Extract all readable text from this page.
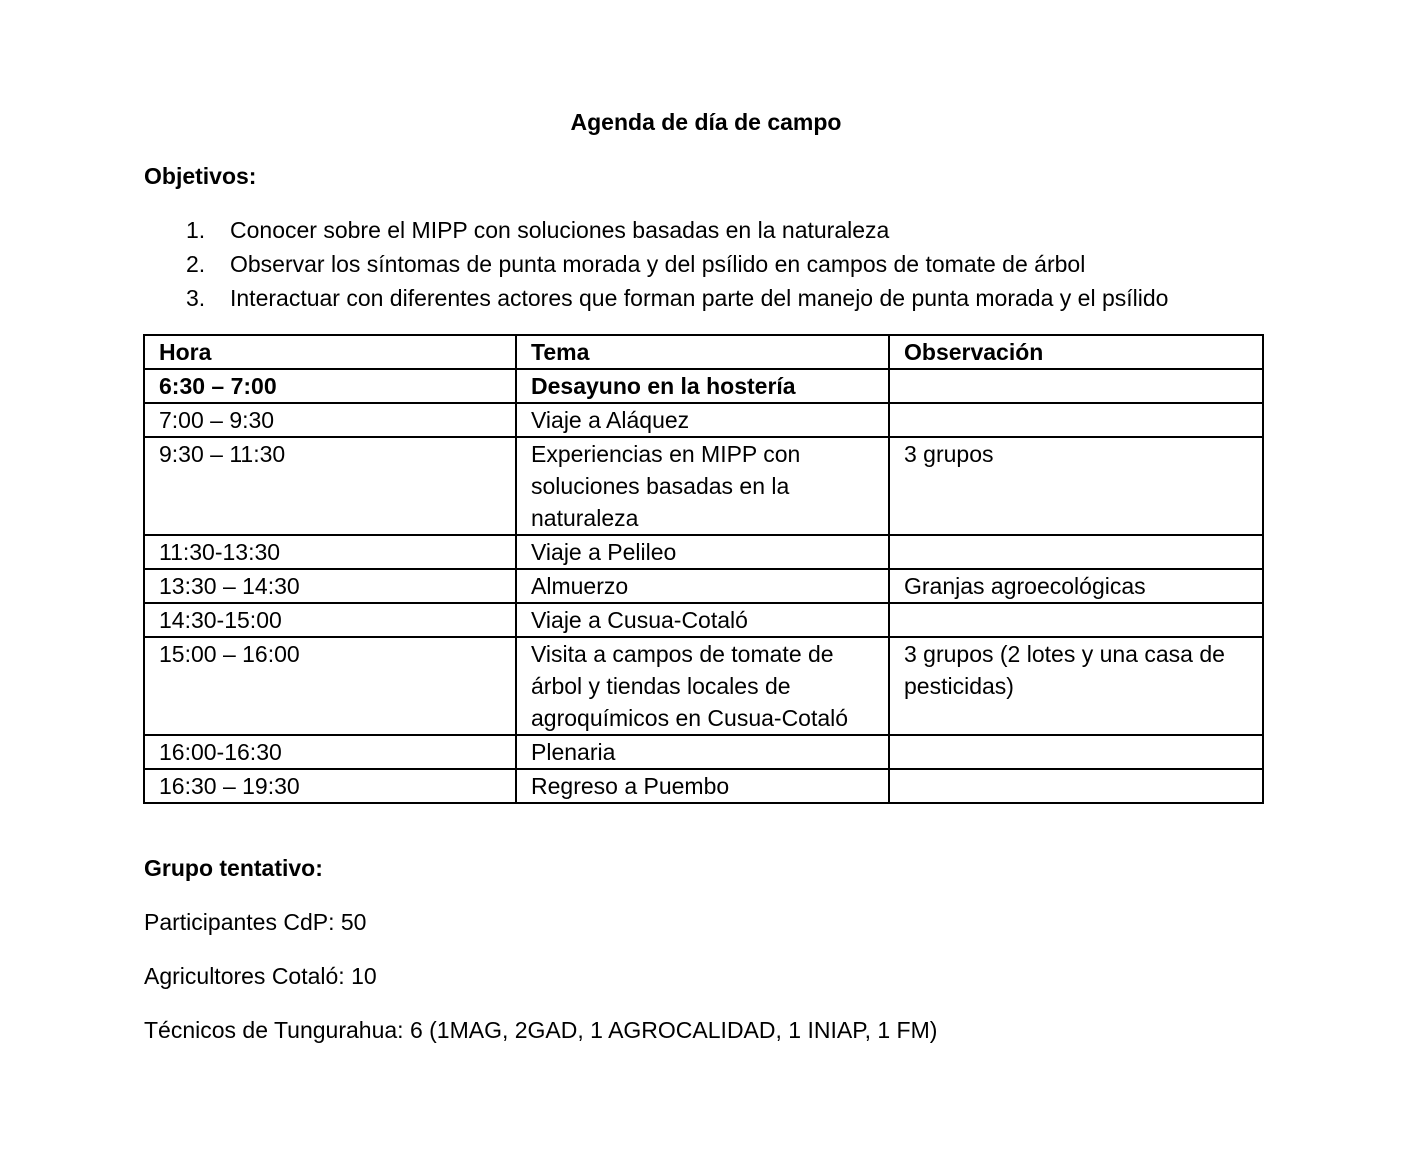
Agenda de día de campo
Objetivos:
1. Conocer sobre el MIPP con soluciones basadas en la naturaleza
2. Observar los síntomas de punta morada y del psílido en campos de tomate de árbol
3. Interactuar con diferentes actores que forman parte del manejo de punta morada y el psílido
Hora	Tema	Observación
6:30 – 7:00	Desayuno en la hostería	
7:00 – 9:30	Viaje a Aláquez	
9:30 – 11:30	Experiencias en MIPP con soluciones basadas en la naturaleza	3 grupos
11:30-13:30	Viaje a Pelileo	
13:30 – 14:30	Almuerzo	Granjas agroecológicas
14:30-15:00	Viaje a Cusua-Cotaló	
15:00 – 16:00	Visita a campos de tomate de árbol y tiendas locales de agroquímicos en Cusua-Cotaló	3 grupos (2 lotes y una casa de pesticidas)
16:00-16:30	Plenaria	
16:30 – 19:30	Regreso a Puembo	
Grupo tentativo:
Participantes CdP: 50
Agricultores Cotaló: 10
Técnicos de Tungurahua: 6 (1MAG, 2GAD, 1 AGROCALIDAD, 1 INIAP, 1 FM)
